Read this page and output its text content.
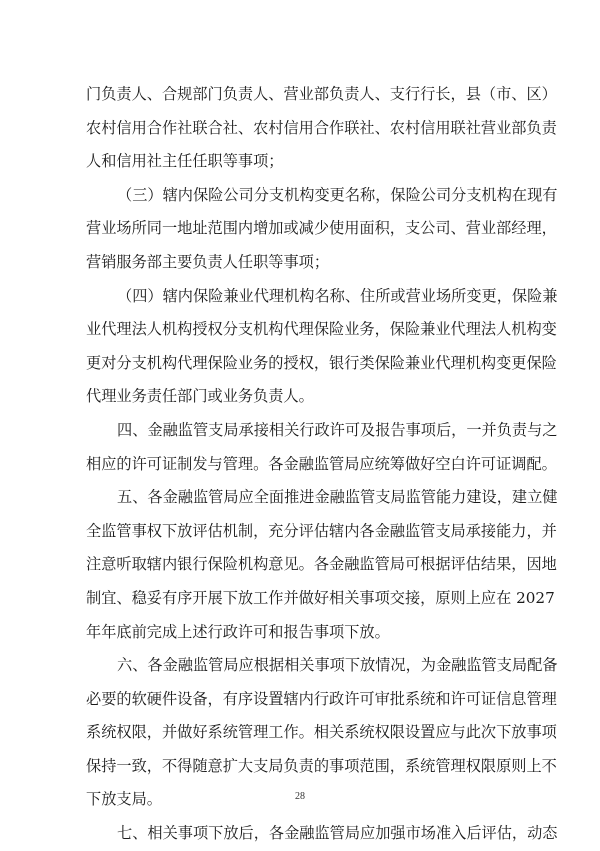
门负责人、合规部门负责人、营业部负责人、支行行长，县（市、区）
农村信用合作社联合社、农村信用合作联社、农村信用联社营业部负责
人和信用社主任任职等事项；
（三）辖内保险公司分支机构变更名称，保险公司分支机构在现有
营业场所同一地址范围内增加或减少使用面积，支公司、营业部经理，
营销服务部主要负责人任职等事项；
（四）辖内保险兼业代理机构名称、住所或营业场所变更，保险兼
业代理法人机构授权分支机构代理保险业务，保险兼业代理法人机构变
更对分支机构代理保险业务的授权，银行类保险兼业代理机构变更保险
代理业务责任部门或业务负责人。
四、金融监管支局承接相关行政许可及报告事项后，一并负责与之
相应的许可证制发与管理。各金融监管局应统筹做好空白许可证调配。
五、各金融监管局应全面推进金融监管支局监管能力建设，建立健
全监管事权下放评估机制，充分评估辖内各金融监管支局承接能力，并
注意听取辖内银行保险机构意见。各金融监管局可根据评估结果，因地
制宜、稳妥有序开展下放工作并做好相关事项交接，原则上应在 2027
年年底前完成上述行政许可和报告事项下放。
六、各金融监管局应根据相关事项下放情况，为金融监管支局配备
必要的软硬件设备，有序设置辖内行政许可审批系统和许可证信息管理
系统权限，并做好系统管理工作。相关系统权限设置应与此次下放事项
保持一致，不得随意扩大支局负责的事项范围，系统管理权限原则上不
下放支局。
七、相关事项下放后，各金融监管局应加强市场准入后评估，动态
28
